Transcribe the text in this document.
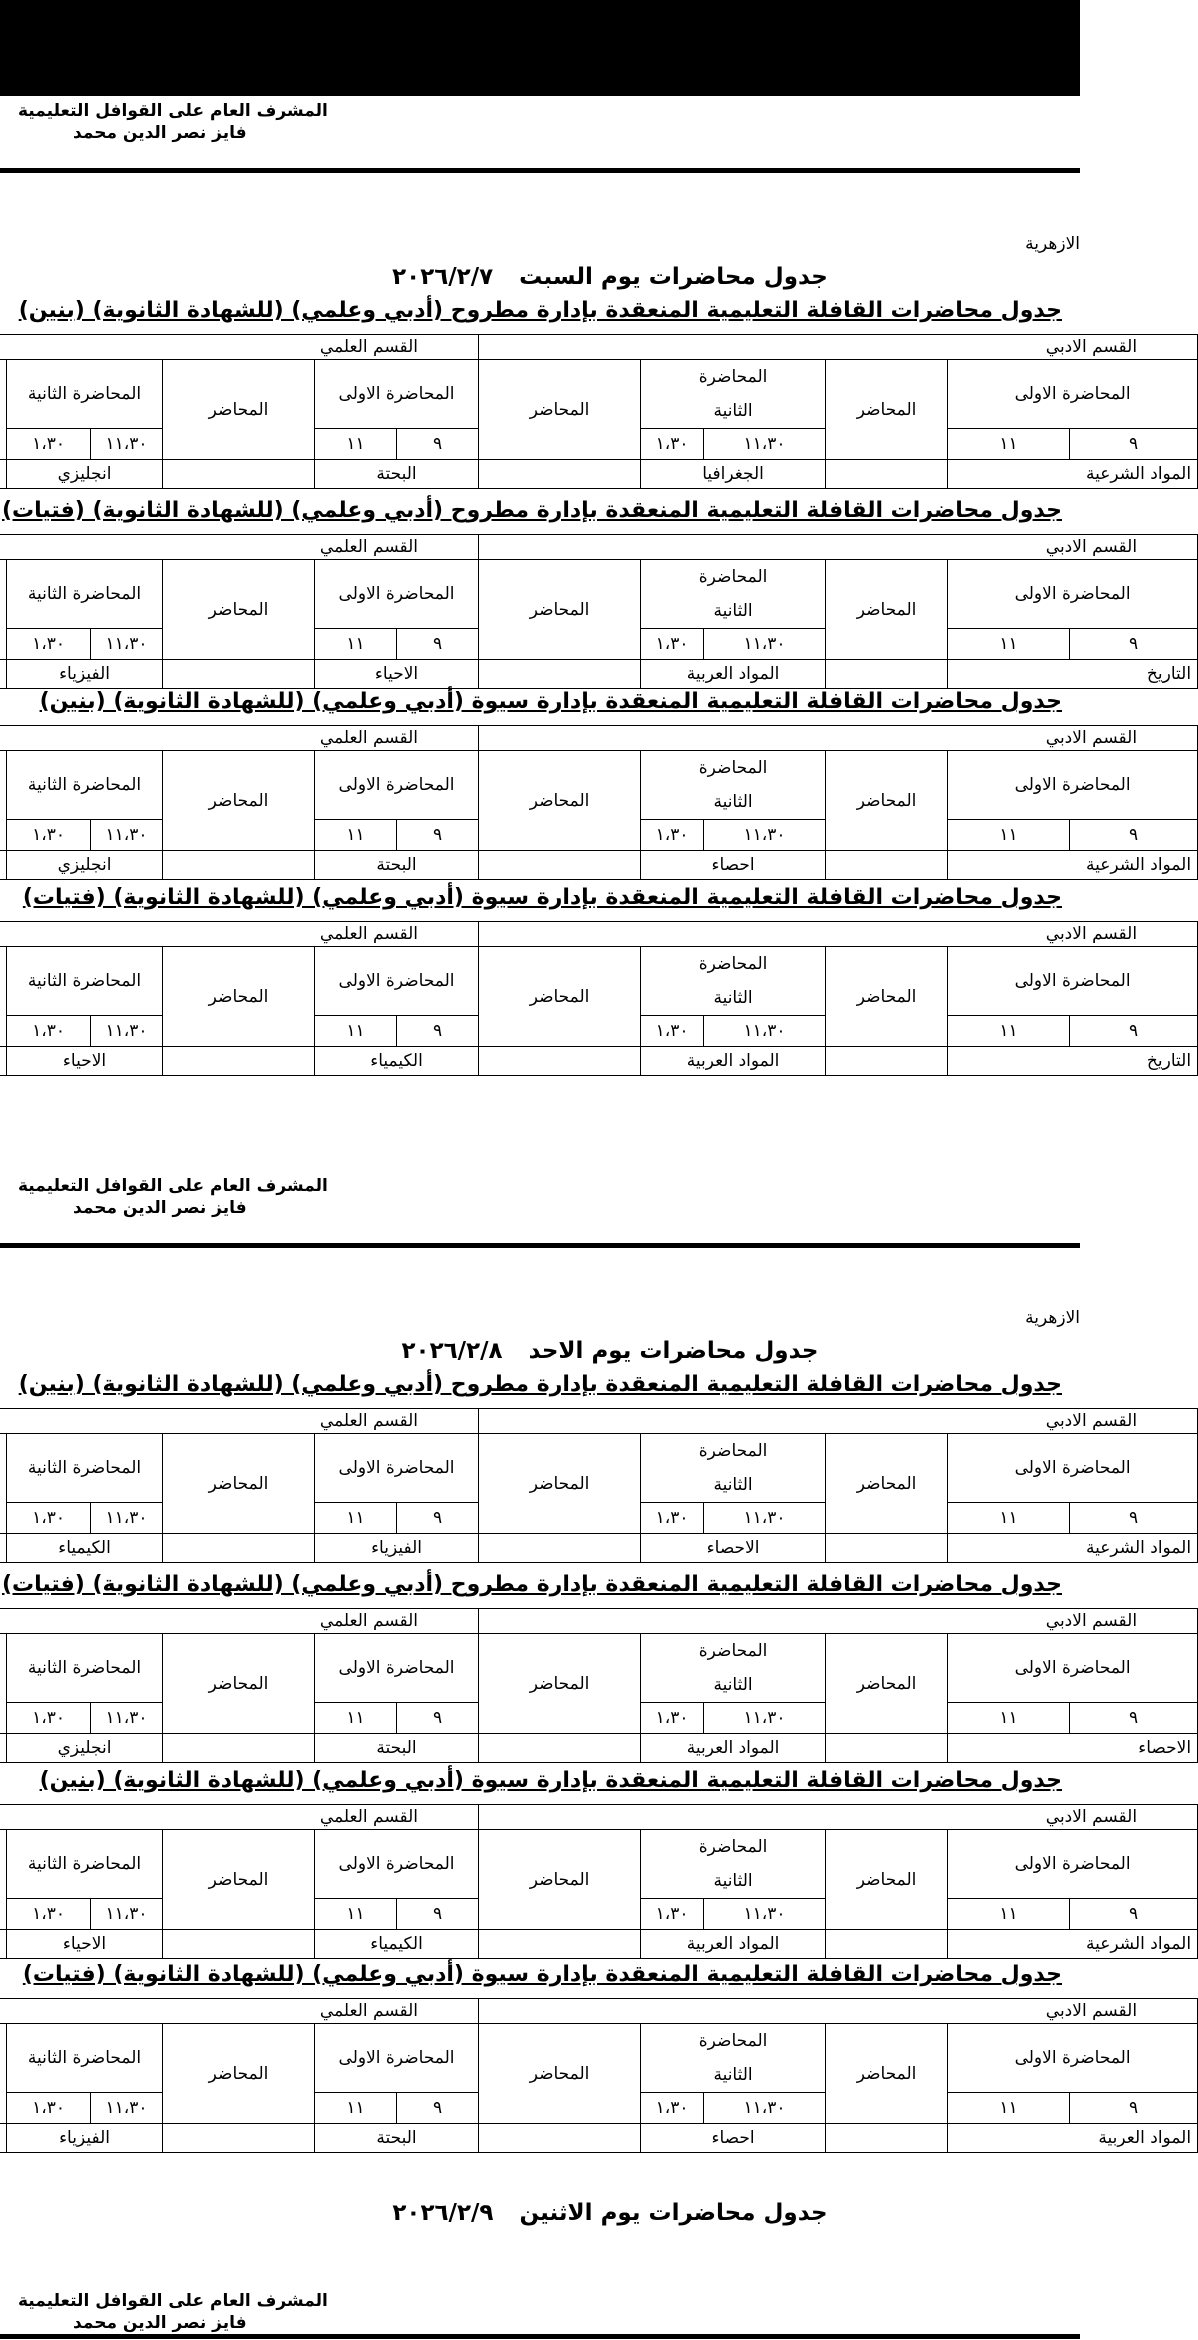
المشرف العام على القوافل التعليمية
فايز نصر الدين محمد
الازهرية
جدول محاضرات يوم السبت ٢٠٢٦/٢/٧
جدول محاضرات القافلة التعليمية المنعقدة بإدارة مطروح (أدبي وعلمي) (للشهادة الثانوية) (بنين)
القسم الادبي						القسم العلمي					
المحاضرة الاولى		المحاضر	المحاضرة
الثانية		المحاضر	المحاضرة الاولى		المحاضر	المحاضرة الثانية	
٩	١١		١١،٣٠	١،٣٠		٩	١١		١١،٣٠	١،٣٠	
المواد الشرعية			الجغرافيا			البحتة			انجليزي		
جدول محاضرات القافلة التعليمية المنعقدة بإدارة مطروح (أدبي وعلمي) (للشهادة الثانوية) (فتيات)
القسم الادبي						القسم العلمي					
المحاضرة الاولى		المحاضر	المحاضرة
الثانية		المحاضر	المحاضرة الاولى		المحاضر	المحاضرة الثانية	
٩	١١		١١،٣٠	١،٣٠		٩	١١		١١،٣٠	١،٣٠	
التاريخ			المواد العربية			الاحياء			الفيزياء		
جدول محاضرات القافلة التعليمية المنعقدة بإدارة سيوة (أدبي وعلمي) (للشهادة الثانوية) (بنين)
القسم الادبي						القسم العلمي					
المحاضرة الاولى		المحاضر	المحاضرة
الثانية		المحاضر	المحاضرة الاولى		المحاضر	المحاضرة الثانية	
٩	١١		١١،٣٠	١،٣٠		٩	١١		١١،٣٠	١،٣٠	
المواد الشرعية			احصاء			البحتة			انجليزي		
جدول محاضرات القافلة التعليمية المنعقدة بإدارة سيوة (أدبي وعلمي) (للشهادة الثانوية) (فتيات)
القسم الادبي						القسم العلمي					
المحاضرة الاولى		المحاضر	المحاضرة
الثانية		المحاضر	المحاضرة الاولى		المحاضر	المحاضرة الثانية	
٩	١١		١١،٣٠	١،٣٠		٩	١١		١١،٣٠	١،٣٠	
التاريخ			المواد العربية			الكيمياء			الاحياء		
المشرف العام على القوافل التعليمية
فايز نصر الدين محمد
الازهرية
جدول محاضرات يوم الاحد ٢٠٢٦/٢/٨
جدول محاضرات القافلة التعليمية المنعقدة بإدارة مطروح (أدبي وعلمي) (للشهادة الثانوية) (بنين)
القسم الادبي						القسم العلمي					
المحاضرة الاولى		المحاضر	المحاضرة
الثانية		المحاضر	المحاضرة الاولى		المحاضر	المحاضرة الثانية	
٩	١١		١١،٣٠	١،٣٠		٩	١١		١١،٣٠	١،٣٠	
المواد الشرعية			الاحصاء			الفيزياء			الكيمياء		
جدول محاضرات القافلة التعليمية المنعقدة بإدارة مطروح (أدبي وعلمي) (للشهادة الثانوية) (فتيات)
القسم الادبي						القسم العلمي					
المحاضرة الاولى		المحاضر	المحاضرة
الثانية		المحاضر	المحاضرة الاولى		المحاضر	المحاضرة الثانية	
٩	١١		١١،٣٠	١،٣٠		٩	١١		١١،٣٠	١،٣٠	
الاحصاء			المواد العربية			البحتة			انجليزي		
جدول محاضرات القافلة التعليمية المنعقدة بإدارة سيوة (أدبي وعلمي) (للشهادة الثانوية) (بنين)
القسم الادبي						القسم العلمي					
المحاضرة الاولى		المحاضر	المحاضرة
الثانية		المحاضر	المحاضرة الاولى		المحاضر	المحاضرة الثانية	
٩	١١		١١،٣٠	١،٣٠		٩	١١		١١،٣٠	١،٣٠	
المواد الشرعية			المواد العربية			الكيمياء			الاحياء		
جدول محاضرات القافلة التعليمية المنعقدة بإدارة سيوة (أدبي وعلمي) (للشهادة الثانوية) (فتيات)
القسم الادبي						القسم العلمي					
المحاضرة الاولى		المحاضر	المحاضرة
الثانية		المحاضر	المحاضرة الاولى		المحاضر	المحاضرة الثانية	
٩	١١		١١،٣٠	١،٣٠		٩	١١		١١،٣٠	١،٣٠	
المواد العربية			احصاء			البحتة			الفيزياء		
جدول محاضرات يوم الاثنين ٢٠٢٦/٢/٩
المشرف العام على القوافل التعليمية
فايز نصر الدين محمد
